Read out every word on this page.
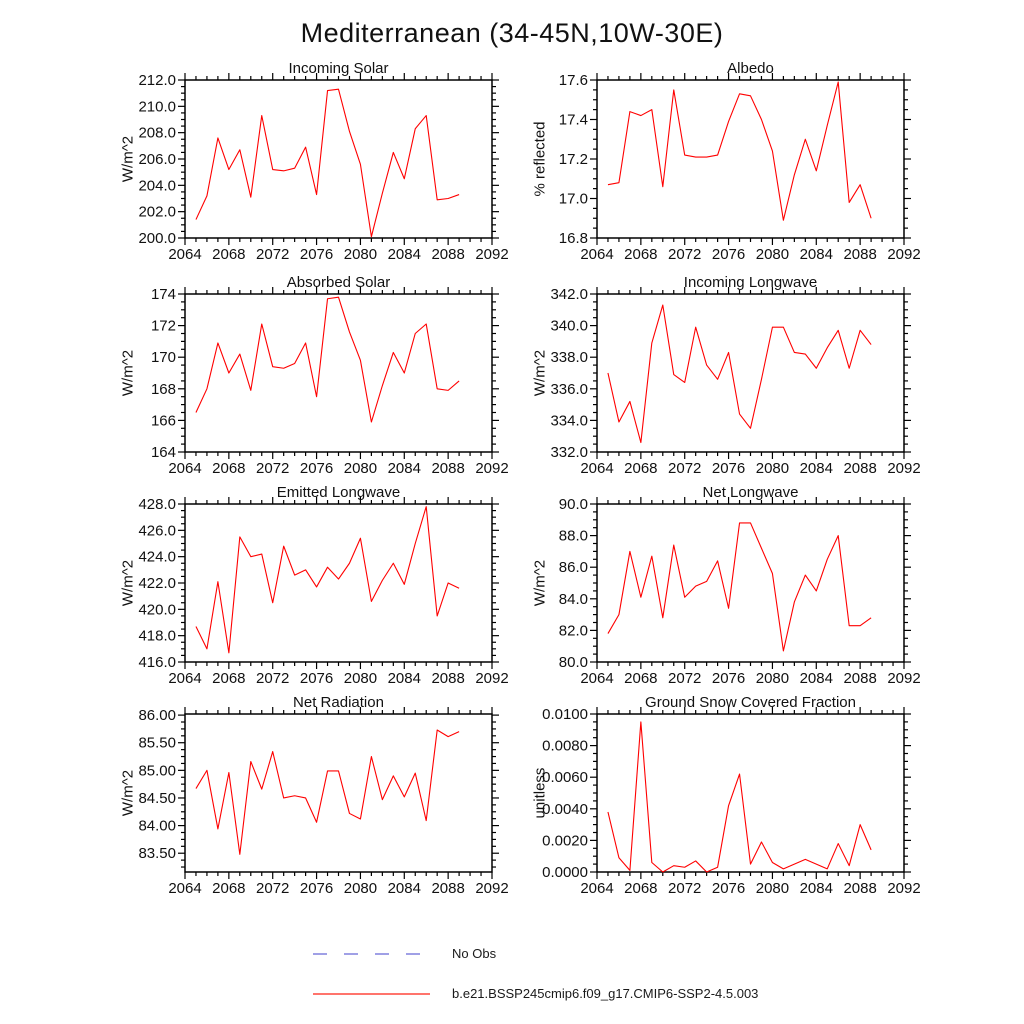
Mediterranean (34-45N,10W-30E)
2064 2068 2072 2076 2080 2084 2088 2092
200.0
202.0
204.0
206.0
208.0
210.0
212.0
Incoming Solar
W/m^2
2064 2068 2072 2076 2080 2084 2088 2092
16.8
17.0
17.2
17.4
17.6
Albedo
% reflected
2064 2068 2072 2076 2080 2084 2088 2092
164
166
168
170
172
174
Absorbed Solar
W/m^2
2064 2068 2072 2076 2080 2084 2088 2092
332.0
334.0
336.0
338.0
340.0
342.0
Incoming Longwave
W/m^2
2064 2068 2072 2076 2080 2084 2088 2092
416.0
418.0
420.0
422.0
424.0
426.0
428.0
Emitted Longwave
W/m^2
2064 2068 2072 2076 2080 2084 2088 2092
80.0
82.0
84.0
86.0
88.0
90.0
Net Longwave
W/m^2
2064 2068 2072 2076 2080 2084 2088 2092
83.50
84.00
84.50
85.00
85.50
86.00
Net Radiation
W/m^2
2064 2068 2072 2076 2080 2084 2088 2092
0.0000
0.0020
0.0040
0.0060
0.0080
0.0100
Ground Snow Covered Fraction
unitless
No Obs
b.e21.BSSP245cmip6.f09_g17.CMIP6-SSP2-4.5.003
